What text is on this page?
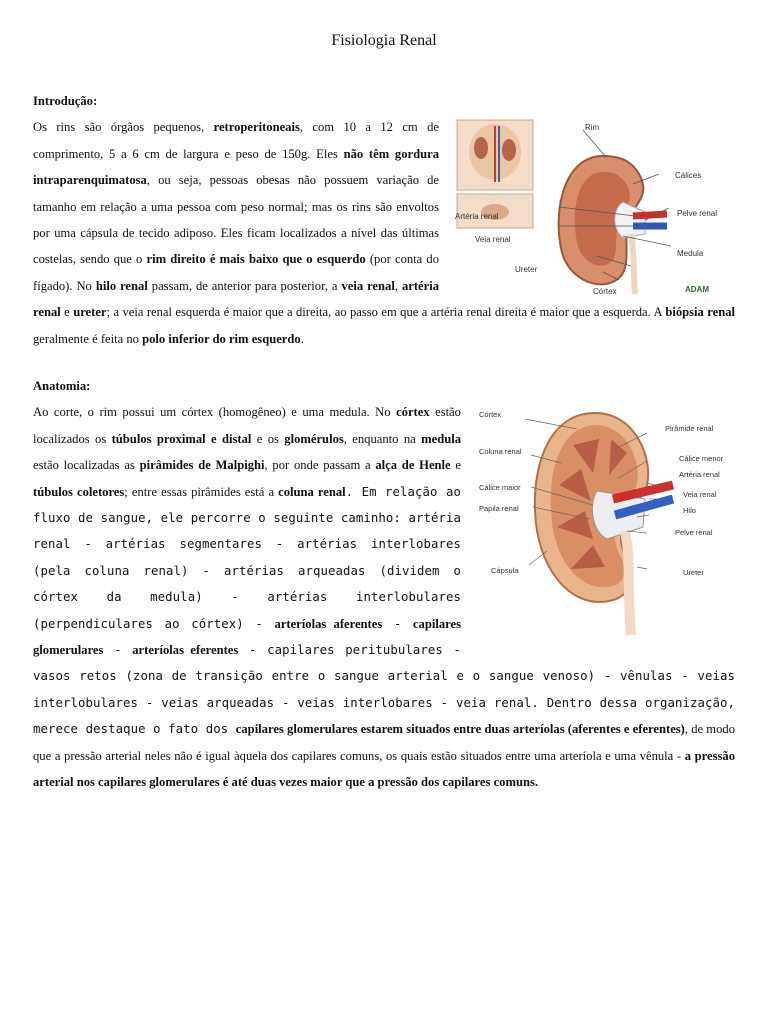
Fisiologia Renal
Introdução:
Rim
Cálices
Artéria renal
Veia renal
Pelve renal
Medula
Ureter
Córtex	ADAM

Os rins são órgãos pequenos, retroperitoneais, com 10 a 12 cm de comprimento, 5 a 6 cm de largura e peso de 150g. Eles não têm gordura intraparenquimatosa, ou seja, pessoas obesas não possuem variação de tamanho em relação a uma pessoa com peso normal; mas os rins são envoltos por uma cápsula de tecido adiposo. Eles ficam localizados a nível das últimas costelas, sendo que o rim direito é mais baixo que o esquerdo (por conta do fígado). No hilo renal passam, de anterior para posterior, a veia renal, artéria renal e ureter; a veia renal esquerda é maior que a direita, ao passo em que a artéria renal direita é maior que a esquerda. A biópsia renal geralmente é feita no polo inferior do rim esquerdo.

Anatomia:
Córtex
Coluna renal
Cálice maior
Papila renal
Cápsula
Pirâmide renal
Cálice menor
Artéria renal
Veia renal
Hilo
Pelve renal
Ureter

Ao corte, o rim possui um córtex (homogêneo) e uma medula. No córtex estão localizados os túbulos proximal e distal e os glomérulos, enquanto na medula estão localizadas as pirâmides de Malpighi, por onde passam a alça de Henle e túbulos coletores; entre essas pirâmides está a coluna renal. Em relação ao fluxo de sangue, ele percorre o seguinte caminho: artéria renal - artérias segmentares - artérias interlobares (pela coluna renal) - artérias arqueadas (dividem o córtex da medula) - artérias interlobulares (perpendiculares ao córtex) - arteríolas aferentes - capilares glomerulares - arteríolas eferentes - capilares peritubulares - vasos retos (zona de transição entre o sangue arterial e o sangue venoso) - vênulas - veias interlobulares - veias arqueadas - veias interlobares - veia renal. Dentro dessa organização, merece destaque o fato dos capilares glomerulares estarem situados entre duas arteríolas (aferentes e eferentes), de modo que a pressão arterial neles não é igual àquela dos capilares comuns, os quais estão situados entre uma arteríola e uma vênula - a pressão arterial nos capilares glomerulares é até duas vezes maior que a pressão dos capilares comuns.
